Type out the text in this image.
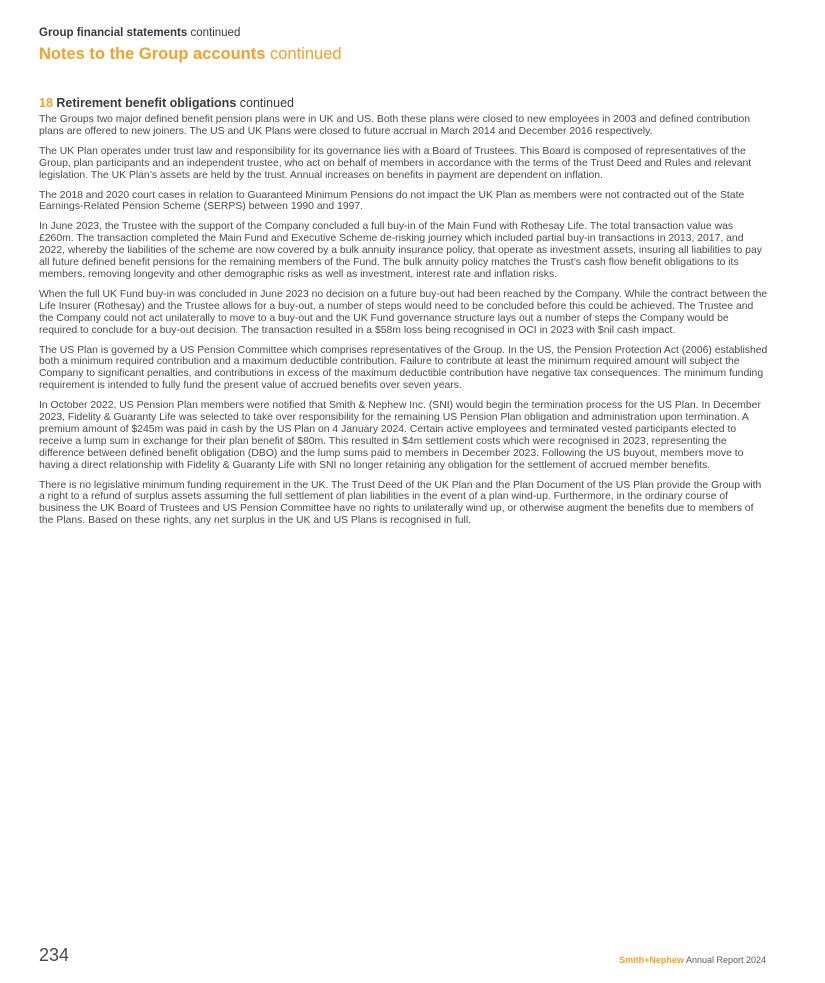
Group financial statements continued
Notes to the Group accounts continued
18 Retirement benefit obligations continued

The Groups two major defined benefit pension plans were in UK and US. Both these plans were closed to new employees in 2003 and defined contribution plans are offered to new joiners. The US and UK Plans were closed to future accrual in March 2014 and December 2016 respectively.

The UK Plan operates under trust law and responsibility for its governance lies with a Board of Trustees. This Board is composed of representatives of the Group, plan participants and an independent trustee, who act on behalf of members in accordance with the terms of the Trust Deed and Rules and relevant legislation. The UK Plan’s assets are held by the trust. Annual increases on benefits in payment are dependent on inflation.

The 2018 and 2020 court cases in relation to Guaranteed Minimum Pensions do not impact the UK Plan as members were not contracted out of the State Earnings-Related Pension Scheme (SERPS) between 1990 and 1997.

In June 2023, the Trustee with the support of the Company concluded a full buy-in of the Main Fund with Rothesay Life. The total transaction value was £260m. The transaction completed the Main Fund and Executive Scheme de-risking journey which included partial buy-in transactions in 2013, 2017, and 2022, whereby the liabilities of the scheme are now covered by a bulk annuity insurance policy, that operate as investment assets, insuring all liabilities to pay all future defined benefit pensions for the remaining members of the Fund. The bulk annuity policy matches the Trust’s cash flow benefit obligations to its members, removing longevity and other demographic risks as well as investment, interest rate and inflation risks.

When the full UK Fund buy-in was concluded in June 2023 no decision on a future buy-out had been reached by the Company. While the contract between the Life Insurer (Rothesay) and the Trustee allows for a buy-out, a number of steps would need to be concluded before this could be achieved. The Trustee and the Company could not act unilaterally to move to a buy-out and the UK Fund governance structure lays out a number of steps the Company would be required to conclude for a buy-out decision. The transaction resulted in a $58m loss being recognised in OCI in 2023 with $nil cash impact.

The US Plan is governed by a US Pension Committee which comprises representatives of the Group. In the US, the Pension Protection Act (2006) established both a minimum required contribution and a maximum deductible contribution. Failure to contribute at least the minimum required amount will subject the Company to significant penalties, and contributions in excess of the maximum deductible contribution have negative tax consequences. The minimum funding requirement is intended to fully fund the present value of accrued benefits over seven years.

In October 2022, US Pension Plan members were notified that Smith & Nephew Inc. (SNI) would begin the termination process for the US Plan. In December 2023, Fidelity & Guaranty Life was selected to take over responsibility for the remaining US Pension Plan obligation and administration upon termination. A premium amount of $245m was paid in cash by the US Plan on 4 January 2024. Certain active employees and terminated vested participants elected to receive a lump sum in exchange for their plan benefit of $80m. This resulted in $4m settlement costs which were recognised in 2023, representing the difference between defined benefit obligation (DBO) and the lump sums paid to members in December 2023. Following the US buyout, members move to having a direct relationship with Fidelity & Guaranty Life with SNI no longer retaining any obligation for the settlement of accrued member benefits.

There is no legislative minimum funding requirement in the UK. The Trust Deed of the UK Plan and the Plan Document of the US Plan provide the Group with a right to a refund of surplus assets assuming the full settlement of plan liabilities in the event of a plan wind-up. Furthermore, in the ordinary course of business the UK Board of Trustees and US Pension Committee have no rights to unilaterally wind up, or otherwise augment the benefits due to members of the Plans. Based on these rights, any net surplus in the UK and US Plans is recognised in full.

234	Smith+Nephew Annual Report 2024
